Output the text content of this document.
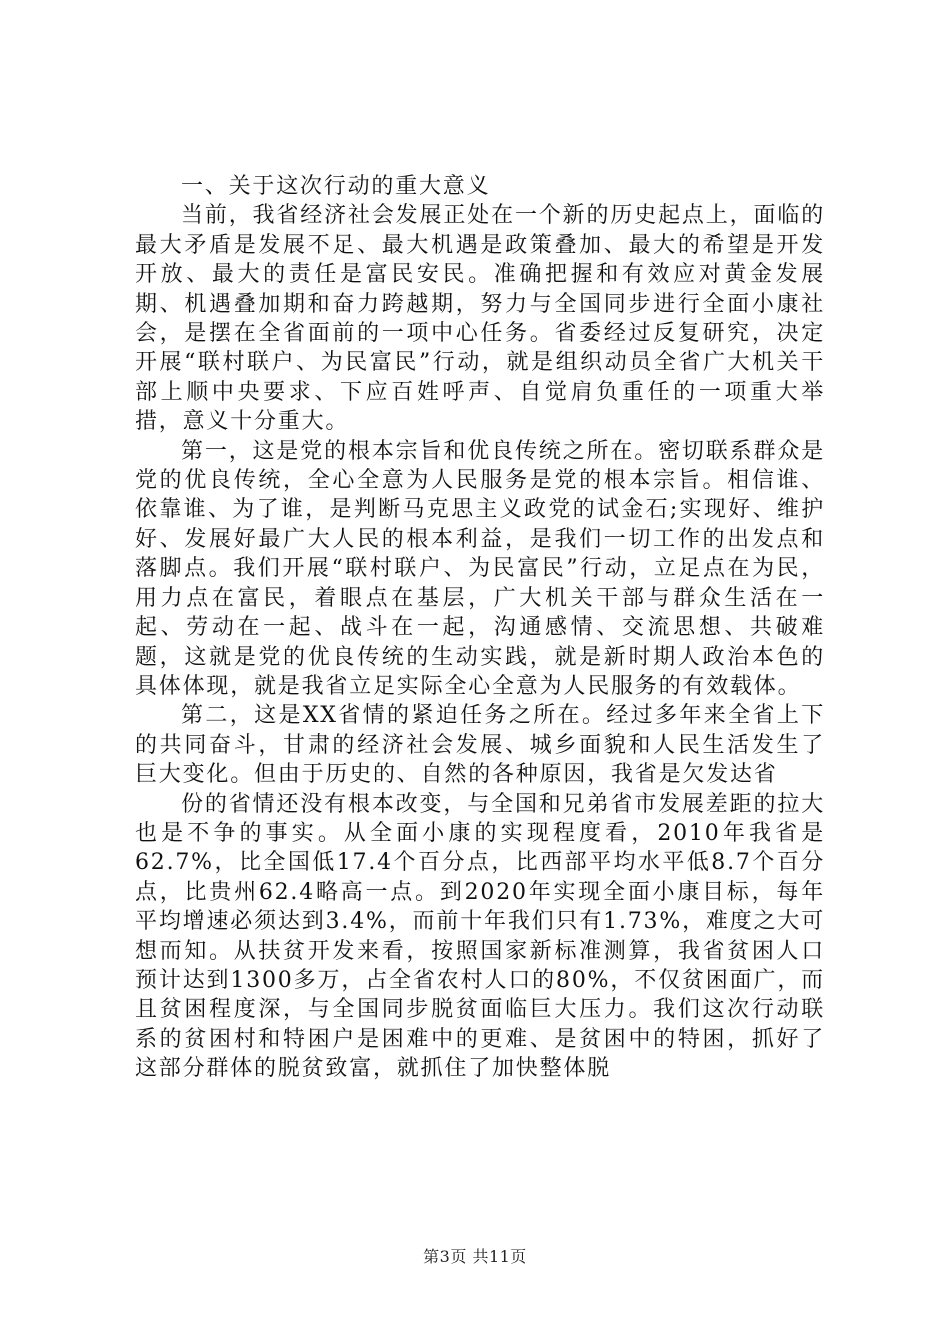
一、关于这次行动的重大意义

当前，我省经济社会发展正处在一个新的历史起点上，面临的最大矛盾是发展不足、最大机遇是政策叠加、最大的希望是开发开放、最大的责任是富民安民。准确把握和有效应对黄金发展期、机遇叠加期和奋力跨越期，努力与全国同步进行全面小康社会，是摆在全省面前的一项中心任务。省委经过反复研究，决定开展“联村联户、为民富民”行动，就是组织动员全省广大机关干部上顺中央要求、下应百姓呼声、自觉肩负重任的一项重大举措，意义十分重大。

第一，这是党的根本宗旨和优良传统之所在。密切联系群众是党的优良传统，全心全意为人民服务是党的根本宗旨。相信谁、依靠谁、为了谁，是判断马克思主义政党的试金石;实现好、维护好、发展好最广大人民的根本利益，是我们一切工作的出发点和落脚点。我们开展“联村联户、为民富民”行动，立足点在为民，用力点在富民，着眼点在基层，广大机关干部与群众生活在一起、劳动在一起、战斗在一起，沟通感情、交流思想、共破难题，这就是党的优良传统的生动实践，就是新时期人政治本色的具体体现，就是我省立足实际全心全意为人民服务的有效载体。

第二，这是XX省情的紧迫任务之所在。经过多年来全省上下的共同奋斗，甘肃的经济社会发展、城乡面貌和人民生活发生了巨大变化。但由于历史的、自然的各种原因，我省是欠发达省

份的省情还没有根本改变，与全国和兄弟省市发展差距的拉大也是不争的事实。从全面小康的实现程度看，2010年我省是62.7%，比全国低17.4个百分点，比西部平均水平低8.7个百分点，比贵州62.4略高一点。到2020年实现全面小康目标，每年平均增速必须达到3.4%，而前十年我们只有1.73%，难度之大可想而知。从扶贫开发来看，按照国家新标准测算，我省贫困人口预计达到1300多万，占全省农村人口的80%，不仅贫困面广，而且贫困程度深，与全国同步脱贫面临巨大压力。我们这次行动联系的贫困村和特困户是困难中的更难、是贫困中的特困，抓好了这部分群体的脱贫致富，就抓住了加快整体脱

第3页 共11页
